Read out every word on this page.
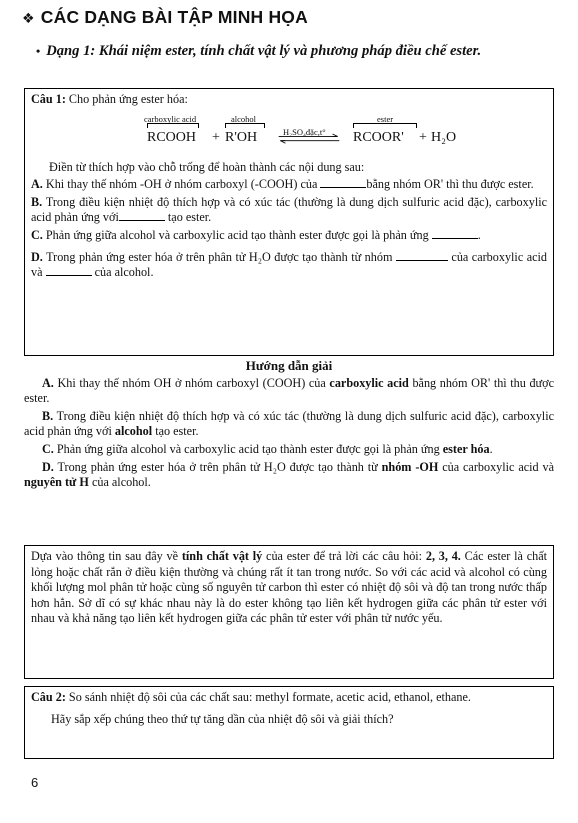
❖ CÁC DẠNG BÀI TẬP MINH HỌA
• Dạng 1: Khái niệm ester, tính chất vật lý và phương pháp điều chế ester.

Câu 1: Cho phản ứng ester hóa:

carboxylic acid	alcohol	ester
RCOOH + R'OH	H₂SO₄đặc,t° RCOOR' + H₂O

Điền từ thích hợp vào chỗ trống để hoàn thành các nội dung sau:

A. Khi thay thế nhóm -OH ở nhóm carboxyl (-COOH) của	bằng nhóm OR' thì thu được ester.

B. Trong điều kiện nhiệt độ thích hợp và có xúc tác (thường là dung dịch sulfuric acid đặc), carboxylic acid phản ứng với	tạo ester.

C. Phản ứng giữa alcohol và carboxylic acid tạo thành ester được gọi là phản ứng	.

D. Trong phản ứng ester hóa ở trên phân tử H₂O được tạo thành từ nhóm	của carboxylic acid và	của alcohol.

Hướng dẫn giải

A. Khi thay thế nhóm OH ở nhóm carboxyl (COOH) của carboxylic acid bằng nhóm OR' thì thu được ester.

B. Trong điều kiện nhiệt độ thích hợp và có xúc tác (thường là dung dịch sulfuric acid đặc), carboxylic acid phản ứng với alcohol tạo ester.

C. Phản ứng giữa alcohol và carboxylic acid tạo thành ester được gọi là phản ứng ester hóa.

D. Trong phản ứng ester hóa ở trên phân tử H₂O được tạo thành từ nhóm -OH của carboxylic acid và nguyên tử H của alcohol.

Dựa vào thông tin sau đây về tính chất vật lý của ester để trả lời các câu hỏi: 2, 3, 4. Các ester là chất lỏng hoặc chất rắn ở điều kiện thường và chúng rất ít tan trong nước. So với các acid và alcohol có cùng khối lượng mol phân tử hoặc cùng số nguyên tử carbon thì ester có nhiệt độ sôi và độ tan trong nước thấp hơn hẳn. Sở dĩ có sự khác nhau này là do ester không tạo liên kết hydrogen giữa các phân tử ester với nhau và khả năng tạo liên kết hydrogen giữa các phân tử ester với phân tử nước yếu.

Câu 2: So sánh nhiệt độ sôi của các chất sau: methyl formate, acetic acid, ethanol, ethane.

Hãy sắp xếp chúng theo thứ tự tăng dần của nhiệt độ sôi và giải thích?

6
